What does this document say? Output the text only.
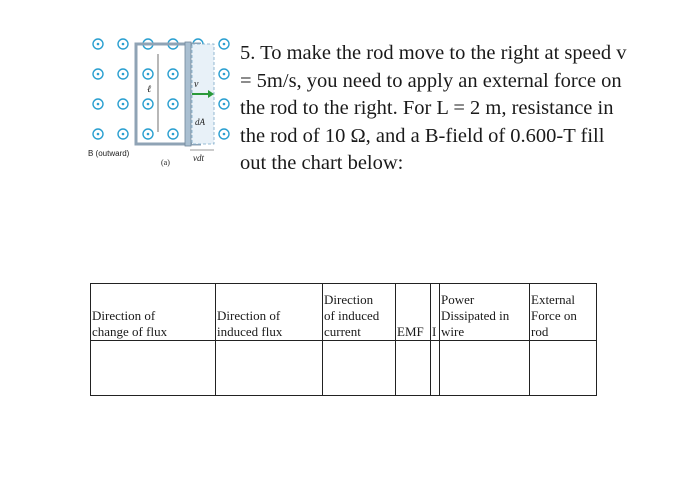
ℓ	v
dA
vdt
B (outward)
(a)

5. To make the rod move to the right at speed v
= 5m/s, you need to apply an external force on
the rod to the right. For L = 2 m, resistance in
the rod of 10 Ω, and a B-field of 0.600-T fill
out the chart below:

Direction of
change of flux	Direction of
induced flux	Direction
of induced
current	EMF	I	Power
Dissipated in
wire	External
Force on
rod
